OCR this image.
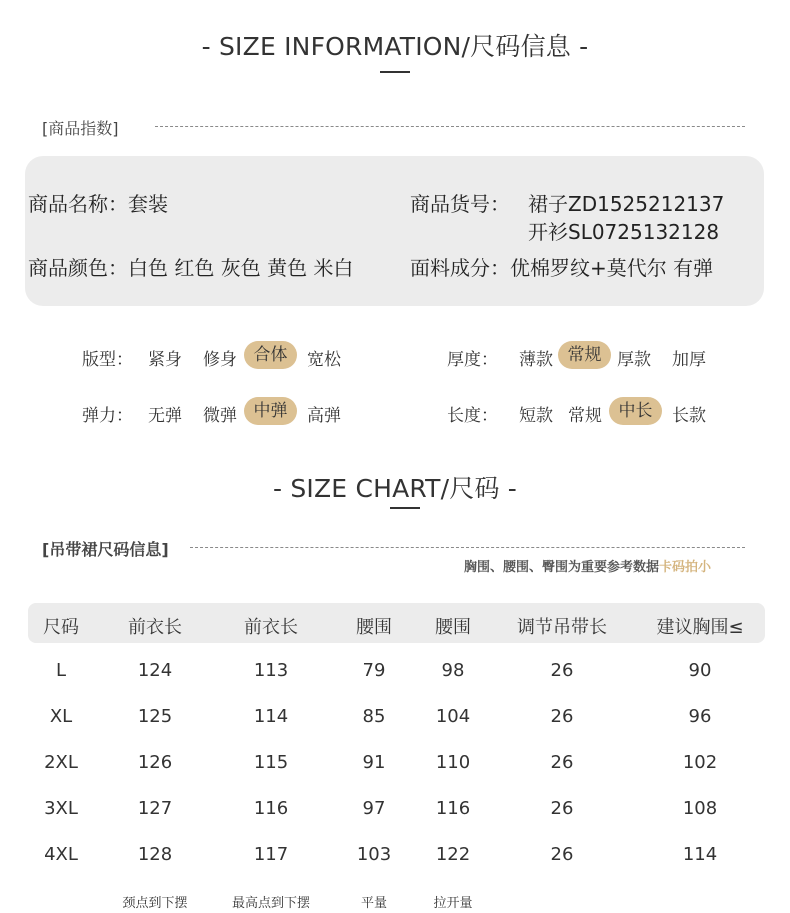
- SIZE INFORMATION/尺码信息 -
[商品指数]
商品名称：套装	商品货号： 裙子ZD1525212137
开衫SL0725132128
商品颜色：白色 红色 灰色 黄色 米白	面料成分：优棉罗纹+莫代尔 有弹
版型： 紧身 修身 合体	宽松	厚度： 薄款 常规 厚款 加厚
弹力： 无弹 微弹 中弹	高弹	长度： 短款 常规 中长	长款
- SIZE CHART/尺码 -
[吊带裙尺码信息]
胸围、腰围、臀围为重要参考数据卡码拍小
尺码	前衣长	前衣长	腰围	腰围	调节吊带长	建议胸围≤
L	124	113	79	98	26	90
XL	125	114	85	104	26	96
2XL	126	115	91	110	26	102
3XL	127	116	97	116	26	108
4XL	128	117	103	122	26	114
颈点到下摆	最高点到下摆	平量	拉开量
